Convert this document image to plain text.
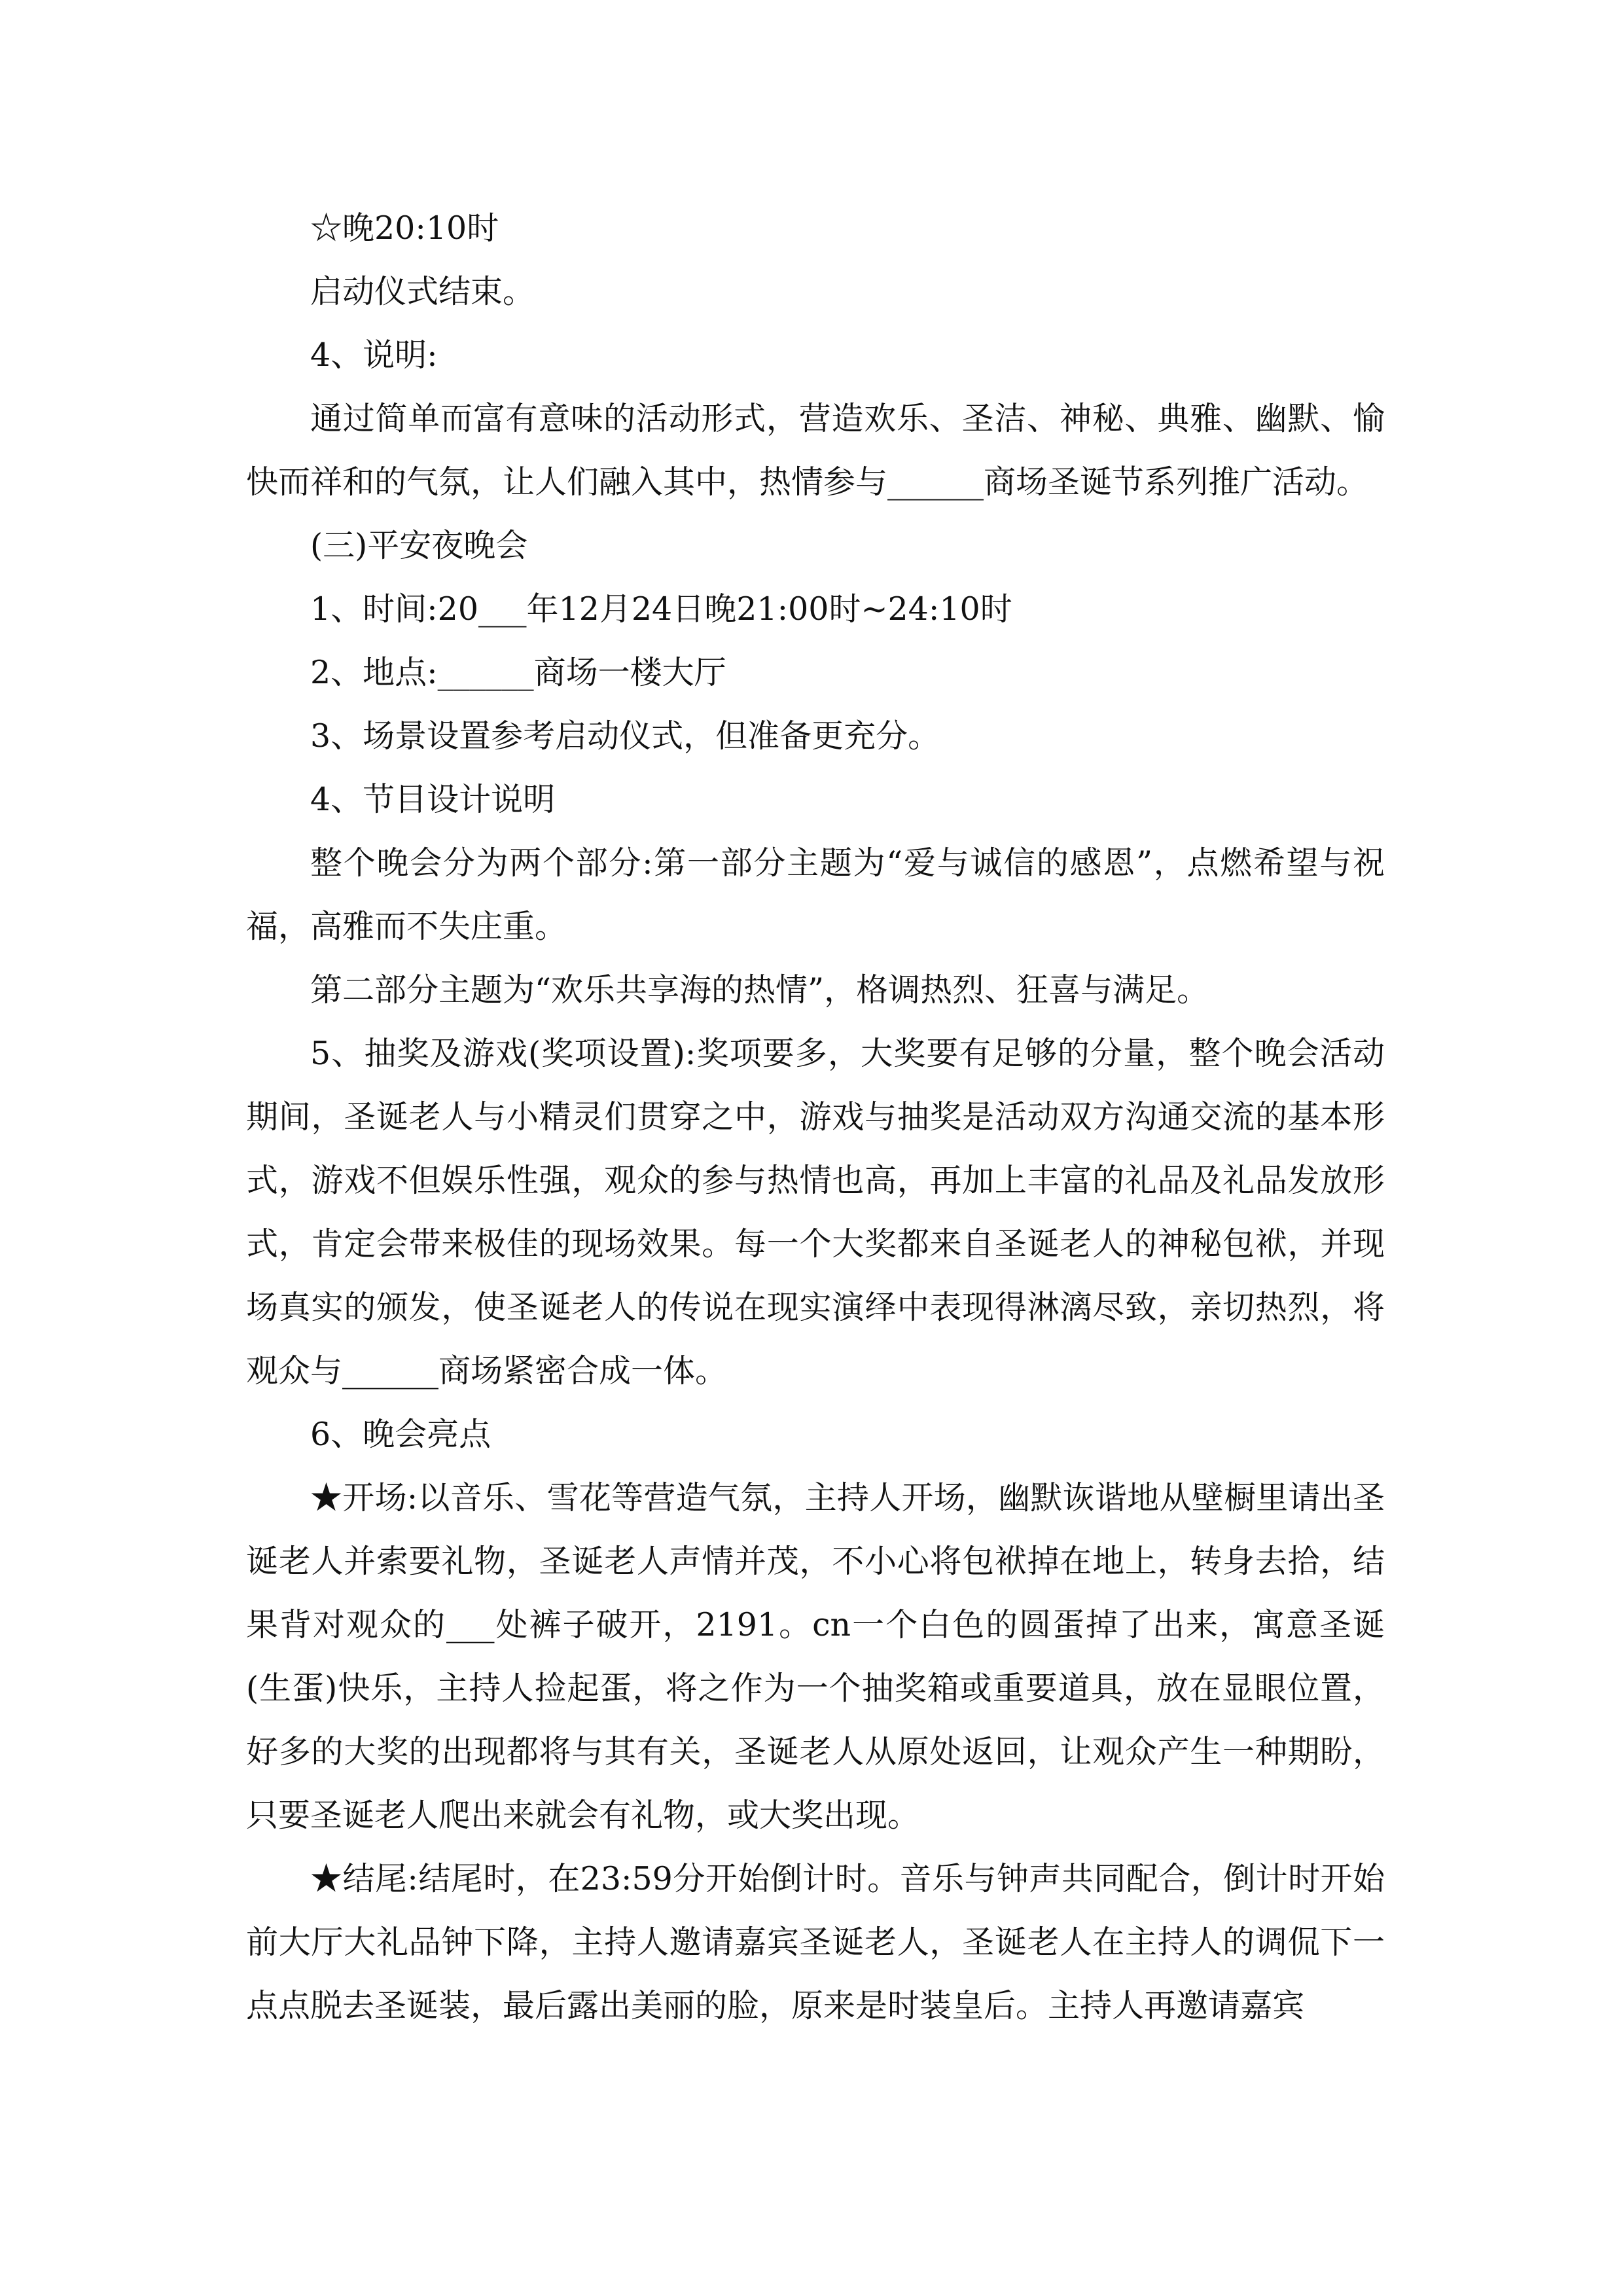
☆晚20:10时

启动仪式结束。

4、说明:

通过简单而富有意味的活动形式，营造欢乐、圣洁、神秘、典雅、幽默、愉快而祥和的气氛，让人们融入其中，热情参与______商场圣诞节系列推广活动。

(三)平安夜晚会

1、时间:20___年12月24日晚21:00时~24:10时

2、地点:______商场一楼大厅

3、场景设置参考启动仪式，但准备更充分。

4、节目设计说明

整个晚会分为两个部分:第一部分主题为“爱与诚信的感恩”，点燃希望与祝福，高雅而不失庄重。

第二部分主题为“欢乐共享海的热情”，格调热烈、狂喜与满足。

5、抽奖及游戏(奖项设置):奖项要多，大奖要有足够的分量，整个晚会活动期间，圣诞老人与小精灵们贯穿之中，游戏与抽奖是活动双方沟通交流的基本形式，游戏不但娱乐性强，观众的参与热情也高，再加上丰富的礼品及礼品发放形式，肯定会带来极佳的现场效果。每一个大奖都来自圣诞老人的神秘包袱，并现场真实的颁发，使圣诞老人的传说在现实演绎中表现得淋漓尽致，亲切热烈，将观众与______商场紧密合成一体。

6、晚会亮点

★开场:以音乐、雪花等营造气氛，主持人开场，幽默诙谐地从壁橱里请出圣诞老人并索要礼物，圣诞老人声情并茂，不小心将包袱掉在地上，转身去拾，结果背对观众的___处裤子破开，2191。cn一个白色的圆蛋掉了出来，寓意圣诞(生蛋)快乐，主持人捡起蛋，将之作为一个抽奖箱或重要道具，放在显眼位置，好多的大奖的出现都将与其有关，圣诞老人从原处返回，让观众产生一种期盼，只要圣诞老人爬出来就会有礼物，或大奖出现。

★结尾:结尾时，在23:59分开始倒计时。音乐与钟声共同配合，倒计时开始前大厅大礼品钟下降，主持人邀请嘉宾圣诞老人，圣诞老人在主持人的调侃下一点点脱去圣诞装，最后露出美丽的脸，原来是时装皇后。主持人再邀请嘉宾
